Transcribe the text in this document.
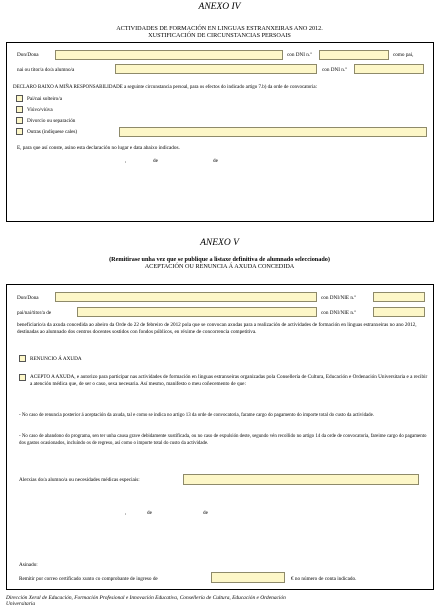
ANEXO IV
ACTIVIDADES DE FORMACIÓN EN LINGUAS ESTRANXEIRAS ANO 2012.
XUSTIFICACIÓN DE CIRCUNSTANCIAS PERSOAIS
Don/Dona	con DNI n.º	como pai,
nai ou titor/a do/a alumno/a	con DNI n.º
DECLARO BAIXO A MIÑA RESPONSABILIDADE a seguinte circunstancia persoal, para os efectos do indicado artigo 7.b) da orde de convocatoria:
Pai/nai solteiro/a
Viúvo/viúva
Divorcio ou separación
Outras (indíquese cales)
E, para que así conste, asino esta declaración no lugar e data abaixo indicados.
,	de	de
ANEXO V
(Remitirase unha vez que se publique a listaxe definitiva de alumnado seleccionado)
ACEPTACIÓN OU RENUNCIA Á AXUDA CONCEDIDA
Don/Dona	con DNI/NIE n.º
pai/nai/titor/a de	con DNI/NIE n.º
beneficiario/a da axuda concedida ao abeiro da Orde do 22 de febreiro de 2012 pola que se convocan axudas para a realización de actividades de formación en linguas estranxeiras no ano 2012, destinadas ao alumnado dos centros docentes sostidos con fondos públicos, en réxime de concorrencia competitiva.
RENUNCIO Á AXUDA
ACEPTO A AXUDA, e autorizo para participar nas actividades de formación en linguas estranxeiras organizadas pola Consellería de Cultura, Educación e Ordenación Universitaria e a recibir a atención médica que, de ser o caso, sexa necesaria. Así mesmo, manifesto o meu coñecemento de que:
- No caso de renuncia posterior á aceptación da axuda, tal e como se indica no artigo 13 da orde de convocatoria, farame cargo do pagamento do importe total do custo da actividade.
- No caso de abandono do programa, sen ter unha causa grave debidamente xustificada, ou no caso de expulsión deste, segundo vén recollido no artigo 14 da orde de convocatoria, fareime cargo do pagamento dos gastos ocasionados, incluíndo os de regreso, así como o importe total do custo da actividade.
Alerxias do/a alumno/a ou necesidades médicas especiais:
,	de	de
Asinado:
Remitir por correo certificado xunto co comprobante de ingreso de	€ no número de conta indicado.
Dirección Xeral de Educación, Formación Profesional e Innovación Educativa, Consellería de Cultura, Educación e Ordenación
Universitaria
